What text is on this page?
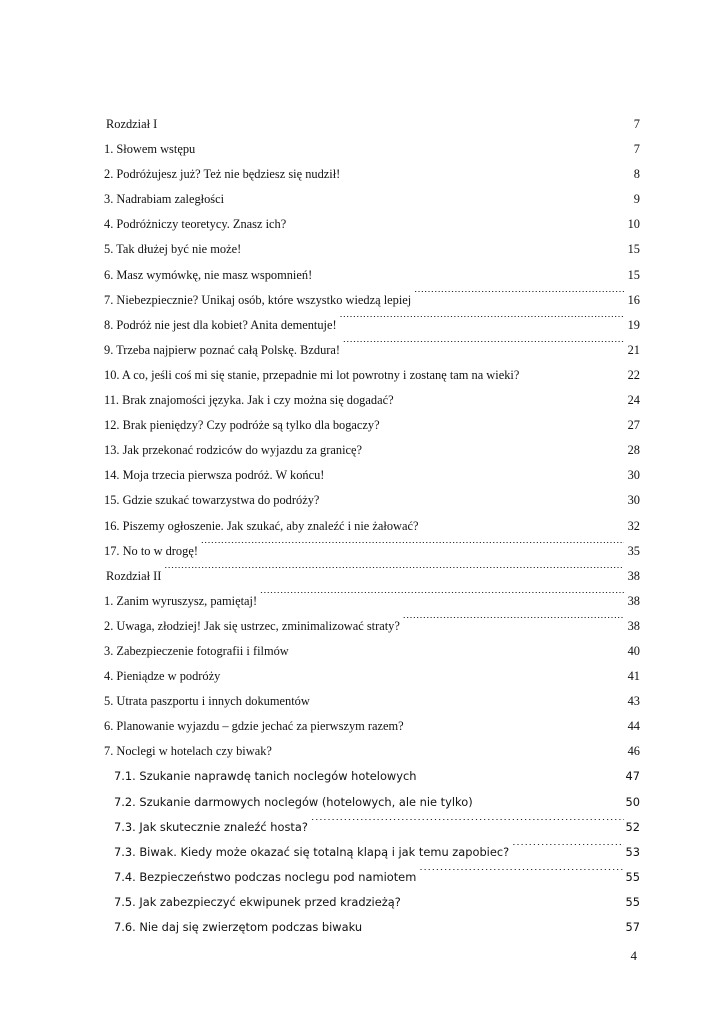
Rozdział I .....	7
1. Słowem wstępu .....	7
2. Podróżujesz już? Też nie będziesz się nudził! .....	8
3. Nadrabiam zaległości .....	9
4. Podróżniczy teoretycy. Znasz ich? .....	10
5. Tak dłużej być nie może! .....	15
6. Masz wymówkę, nie masz wspomnień! .....	15
7. Niebezpiecznie? Unikaj osób, które wszystko wiedzą lepiej .....	16
8. Podróż nie jest dla kobiet? Anita dementuje! .....	19
9. Trzeba najpierw poznać całą Polskę. Bzdura! .....	21
10. A co, jeśli coś mi się stanie, przepadnie mi lot powrotny i zostanę tam na wieki? .....	22
11. Brak znajomości języka. Jak i czy można się dogadać? .....	24
12. Brak pieniędzy? Czy podróże są tylko dla bogaczy? .....	27
13. Jak przekonać rodziców do wyjazdu za granicę? .....	28
14. Moja trzecia pierwsza podróż. W końcu! .....	30
15. Gdzie szukać towarzystwa do podróży? .....	30
16. Piszemy ogłoszenie. Jak szukać, aby znaleźć i nie żałować? .....	32
17. No to w drogę! .....	35
Rozdział II .....	38
1. Zanim wyruszysz, pamiętaj! .....	38
2. Uwaga, złodziej! Jak się ustrzec, zminimalizować straty? .....	38
3. Zabezpieczenie fotografii i filmów .....	40
4. Pieniądze w podróży .....	41
5. Utrata paszportu i innych dokumentów .....	43
6. Planowanie wyjazdu – gdzie jechać za pierwszym razem? .....	44
7. Noclegi w hotelach czy biwak? .....	46
7.1. Szukanie naprawdę tanich noclegów hotelowych .....	47
7.2. Szukanie darmowych noclegów (hotelowych, ale nie tylko) .....	50
7.3. Jak skutecznie znaleźć hosta? .....	52
7.3. Biwak. Kiedy może okazać się totalną klapą i jak temu zapobiec? .....	53
7.4. Bezpieczeństwo podczas noclegu pod namiotem .....	55
7.5. Jak zabezpieczyć ekwipunek przed kradzieżą? .....	55
7.6. Nie daj się zwierzętom podczas biwaku .....	57
4
